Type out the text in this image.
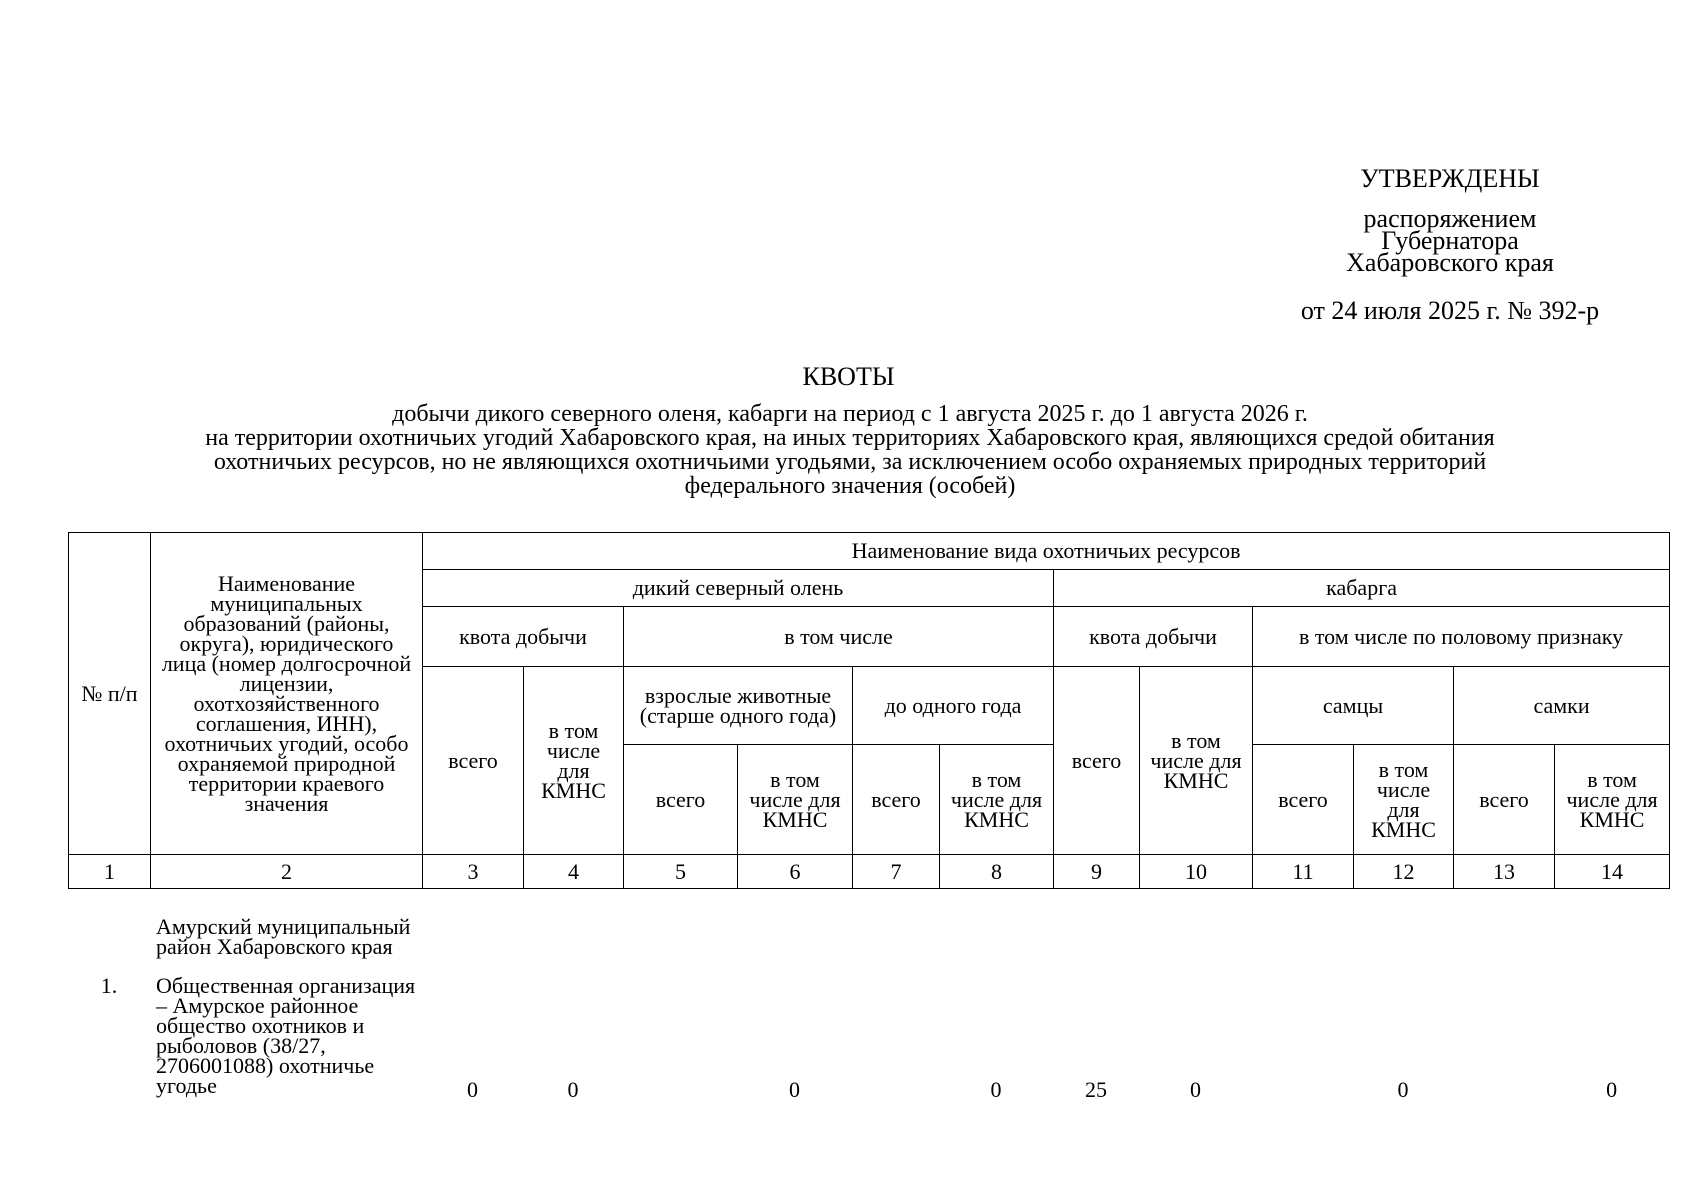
УТВЕРЖДЕНЫ
распоряжением
Губернатора
Хабаровского края
от 24 июля 2025 г. № 392-р
КВОТЫ
добычи дикого северного оленя, кабарги на период с 1 августа 2025 г. до 1 августа 2026 г.
на территории охотничьих угодий Хабаровского края, на иных территориях Хабаровского края, являющихся средой обитания
охотничьих ресурсов, но не являющихся охотничьими угодьями, за исключением особо охраняемых природных территорий
федерального значения (особей)
№ п/п	Наименование муниципальных образований (районы, округа), юридического лица (номер долгосрочной лицензии, охотхозяйственного соглашения, ИНН), охотничьих угодий, особо охраняемой природной территории краевого значения	Наименование вида охотничьих ресурсов											
		дикий северный олень						кабарга					
		квота добычи		в том числе				квота добычи		в том числе по половому признаку			
		всего	в том числе для КМНС	взрослые животные (старше одного года)		до одного года		всего	в том числе для КМНС	самцы		самки	
				всего	в том числе для КМНС	всего	в том числе для КМНС			всего	в том числе для КМНС	всего	в том числе для КМНС
1	2	3	4	5	6	7	8	9	10	11	12	13	14
	Амурский муниципальный район Хабаровского края												
1.	Общественная организация – Амурское районное общество охотников и рыболовов (38/27, 2706001088) охотничье угодье	0	0		0		0	25	0		0		0
